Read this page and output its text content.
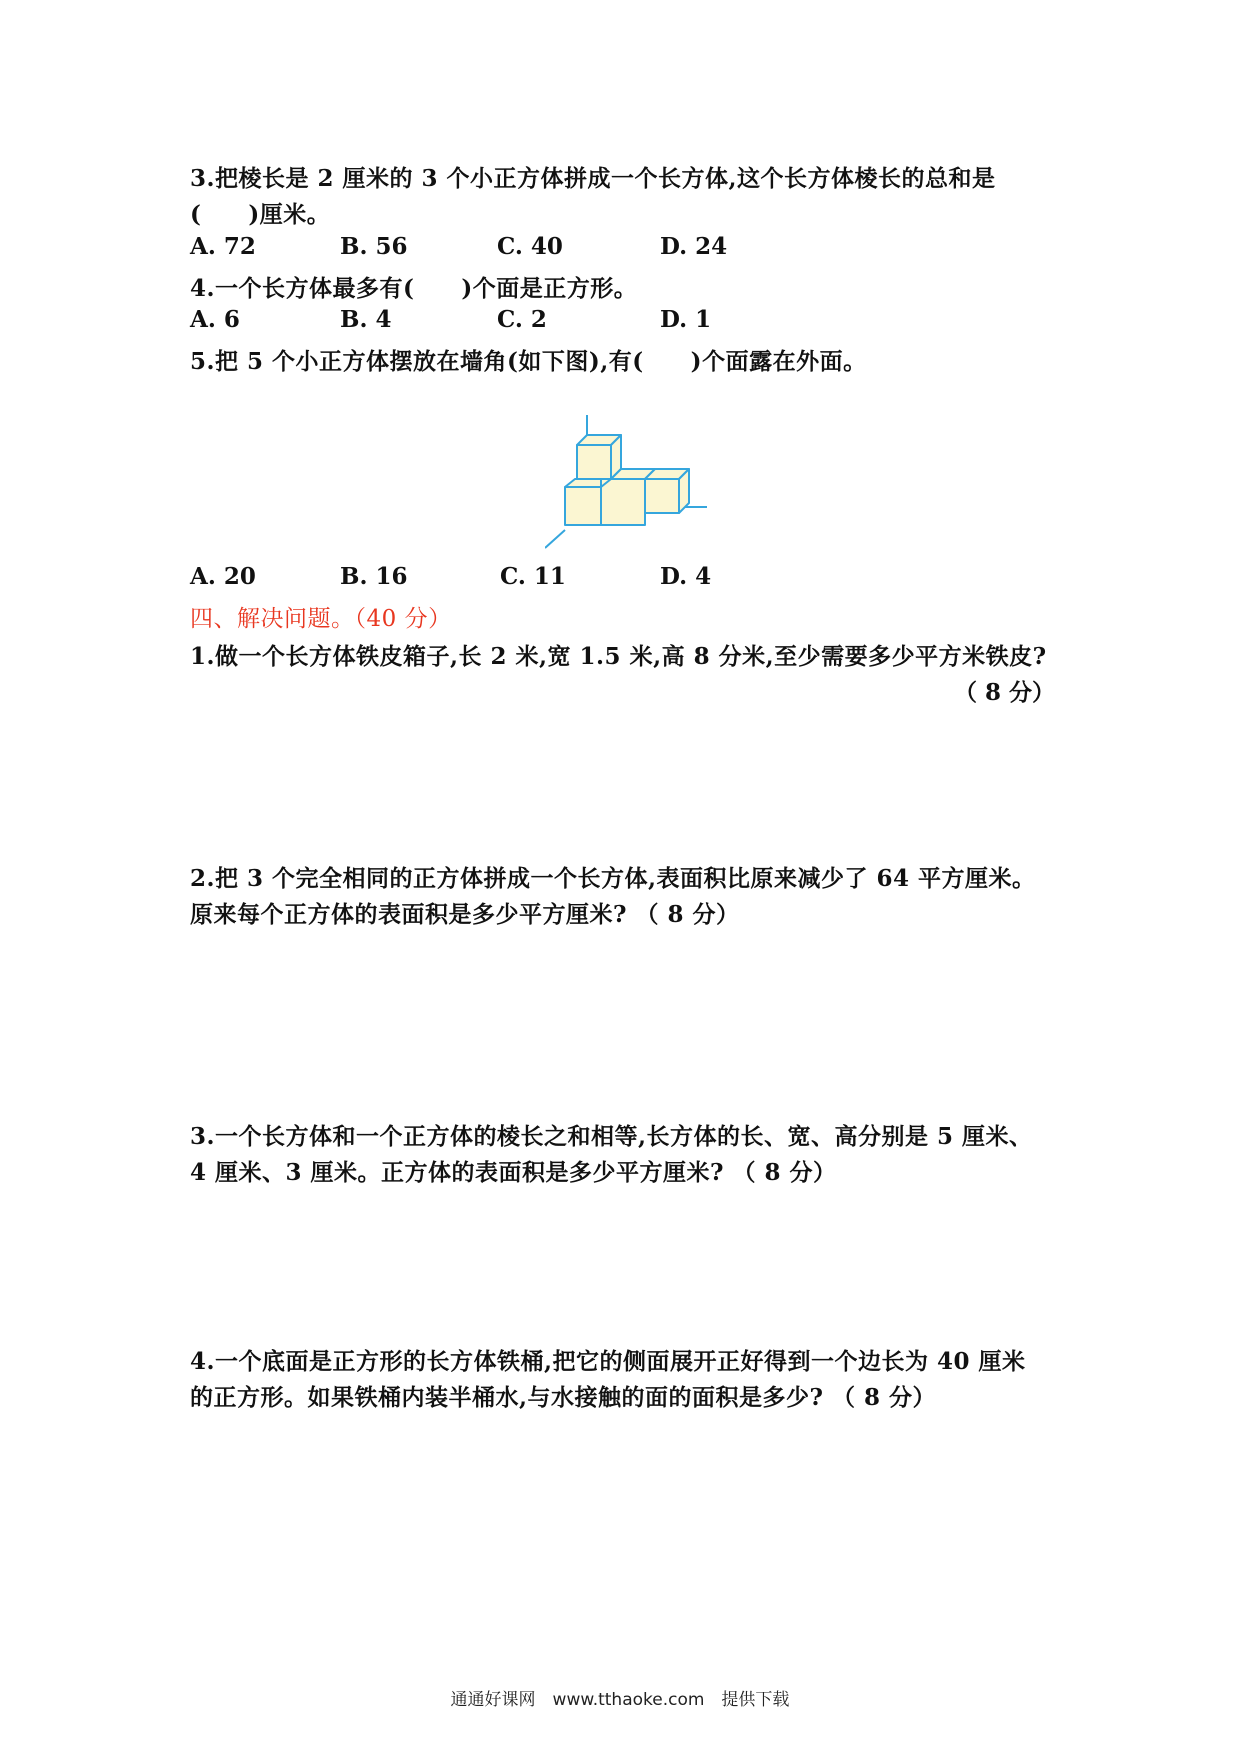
3.把棱长是 2 厘米的 3 个小正方体拼成一个长方体,这个长方体棱长的总和是
(　　)厘米。
A. 72	B. 56	C. 40	D. 24
4.一个长方体最多有(　　)个面是正方形。
A. 6	B. 4	C. 2	D. 1
5.把 5 个小正方体摆放在墙角(如下图),有(　　)个面露在外面。
A. 20	B. 16	C. 11	D. 4
四、解决问题。（40 分）
1.做一个长方体铁皮箱子,长 2 米,宽 1.5 米,高 8 分米,至少需要多少平方米铁皮?
（ 8 分）
2.把 3 个完全相同的正方体拼成一个长方体,表面积比原来减少了 64 平方厘米。
原来每个正方体的表面积是多少平方厘米? （ 8 分）
3.一个长方体和一个正方体的棱长之和相等,长方体的长、宽、高分别是 5 厘米、
4 厘米、3 厘米。正方体的表面积是多少平方厘米? （ 8 分）
4.一个底面是正方形的长方体铁桶,把它的侧面展开正好得到一个边长为 40 厘米
的正方形。如果铁桶内装半桶水,与水接触的面的面积是多少? （ 8 分）
通通好课网　www.tthaoke.com　提供下载
